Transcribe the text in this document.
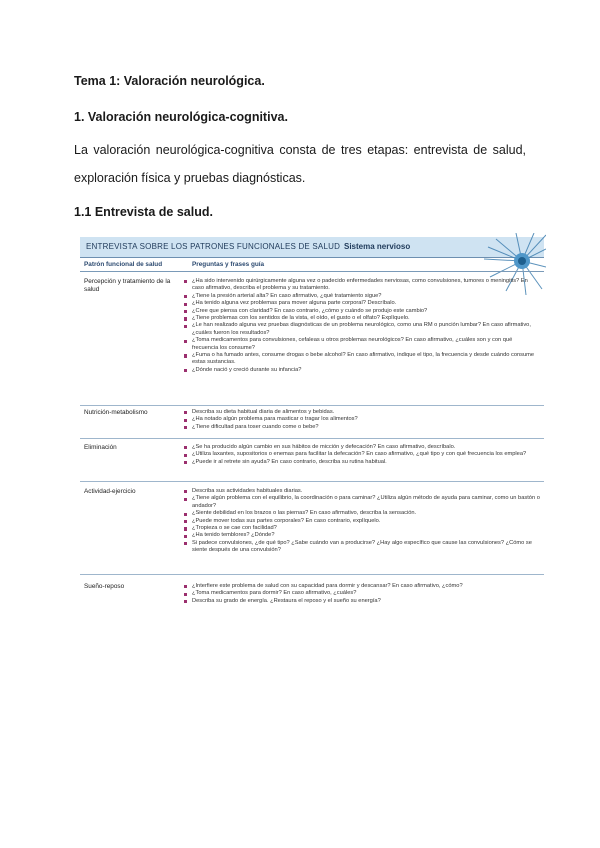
Tema 1: Valoración neurológica.
1. Valoración neurológica-cognitiva.

La valoración neurológica-cognitiva consta de tres etapas: entrevista de salud, exploración física y pruebas diagnósticas.

1.1 Entrevista de salud.
ENTREVISTA SOBRE LOS PATRONES FUNCIONALES DE SALUD Sistema nervioso
Patrón funcional de salud	Preguntas y frases guía
Percepción y tratamiento de la salud
¿Ha sido intervenido quirúrgicamente alguna vez o padecido enfermedades nerviosas, como convulsiones, tumores o meningitis? En caso afirmativo, describa el problema y su tratamiento.
¿Tiene la presión arterial alta? En caso afirmativo, ¿qué tratamiento sigue?
¿Ha tenido alguna vez problemas para mover alguna parte corporal? Descríbalo.
¿Cree que piensa con claridad? En caso contrario, ¿cómo y cuándo se produjo este cambio?
¿Tiene problemas con los sentidos de la vista, el oído, el gusto o el olfato? Explíquelo.
¿Le han realizado alguna vez pruebas diagnósticas de un problema neurológico, como una RM o punción lumbar? En caso afirmativo, ¿cuáles fueron los resultados?
¿Toma medicamentos para convulsiones, cefaleas u otros problemas neurológicos? En caso afirmativo, ¿cuáles son y con qué frecuencia los consume?
¿Fuma o ha fumado antes, consume drogas o bebe alcohol? En caso afirmativo, indique el tipo, la frecuencia y desde cuándo consume estas sustancias.
¿Dónde nació y creció durante su infancia?
Nutrición-metabolismo	Describa su dieta habitual diaria de alimentos y bebidas.
¿Ha notado algún problema para masticar o tragar los alimentos?
¿Tiene dificultad para toser cuando come o bebe?
Eliminación	¿Se ha producido algún cambio en sus hábitos de micción y defecación? En caso afirmativo, descríbalo.
¿Utiliza laxantes, supositorios o enemas para facilitar la defecación? En caso afirmativo, ¿qué tipo y con qué frecuencia los emplea?
¿Puede ir al retrete sin ayuda? En caso contrario, describa su rutina habitual.
Actividad-ejercicio	Describa sus actividades habituales diarias.
¿Tiene algún problema con el equilibrio, la coordinación o para caminar? ¿Utiliza algún método de ayuda para caminar, como un bastón o andador?
¿Siente debilidad en los brazos o las piernas? En caso afirmativo, describa la sensación.
¿Puede mover todas sus partes corporales? En caso contrario, explíquelo.
¿Tropieza o se cae con facilidad?
¿Ha tenido temblores? ¿Dónde?
Si padece convulsiones, ¿de qué tipo? ¿Sabe cuándo van a producirse? ¿Hay algo específico que cause las convulsiones? ¿Cómo se siente después de una convulsión?
Sueño-reposo	¿Interfiere este problema de salud con su capacidad para dormir y descansar? En caso afirmativo, ¿cómo?
¿Toma medicamentos para dormir? En caso afirmativo, ¿cuáles?
Describa su grado de energía. ¿Restaura el reposo y el sueño su energía?
